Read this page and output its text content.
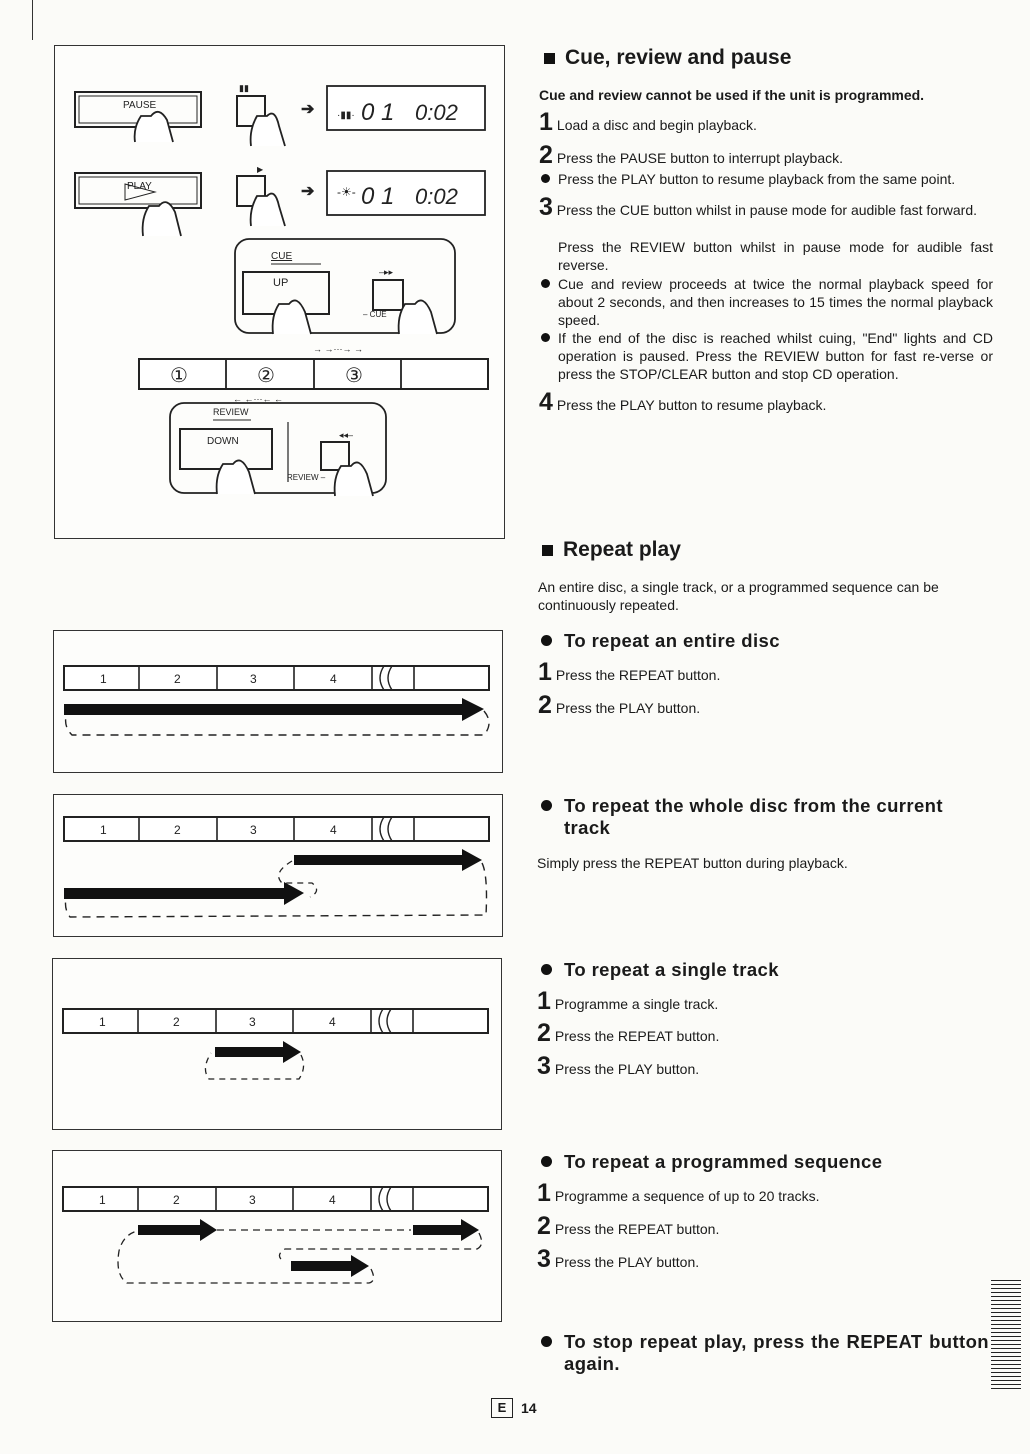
PAUSE
▮▮
➔ ·▮▮· 0 1 0:02
PLAY
▶
➔ -☀- 0 1 0:02
CUE
UP
–▸▸
– CUE
→ →···→ →
①	②	③
← ←···← ←
REVIEW
DOWN
◂◂–
REVIEW –
1	2	3	4
1	2	3	4
1	2	3	4
1	2	3	4
Cue, review and pause
Cue and review cannot be used if the unit is programmed.
1 Load a disc and begin playback.
2 Press the PAUSE button to interrupt playback.
Press the PLAY button to resume playback from the same point.
3 Press the CUE button whilst in pause mode for audible fast forward.
Press the REVIEW button whilst in pause mode for audible fast reverse.
Cue and review proceeds at twice the normal playback speed for about 2 seconds, and then increases to 15 times the normal playback speed.
If the end of the disc is reached whilst cuing, "End" lights and CD operation is paused. Press the REVIEW button for fast re-verse or press the STOP/CLEAR button and stop CD operation.
4 Press the PLAY button to resume playback.
Repeat play
An entire disc, a single track, or a programmed sequence can be continuously repeated.
To repeat an entire disc
1 Press the REPEAT button.
2 Press the PLAY button.
To repeat the whole disc from the current track
Simply press the REPEAT button during playback.
To repeat a single track
1 Programme a single track.
2 Press the REPEAT button.
3 Press the PLAY button.
To repeat a programmed sequence
1 Programme a sequence of up to 20 tracks.
2 Press the REPEAT button.
3 Press the PLAY button.
To stop repeat play, press the REPEAT button again.
E	14
